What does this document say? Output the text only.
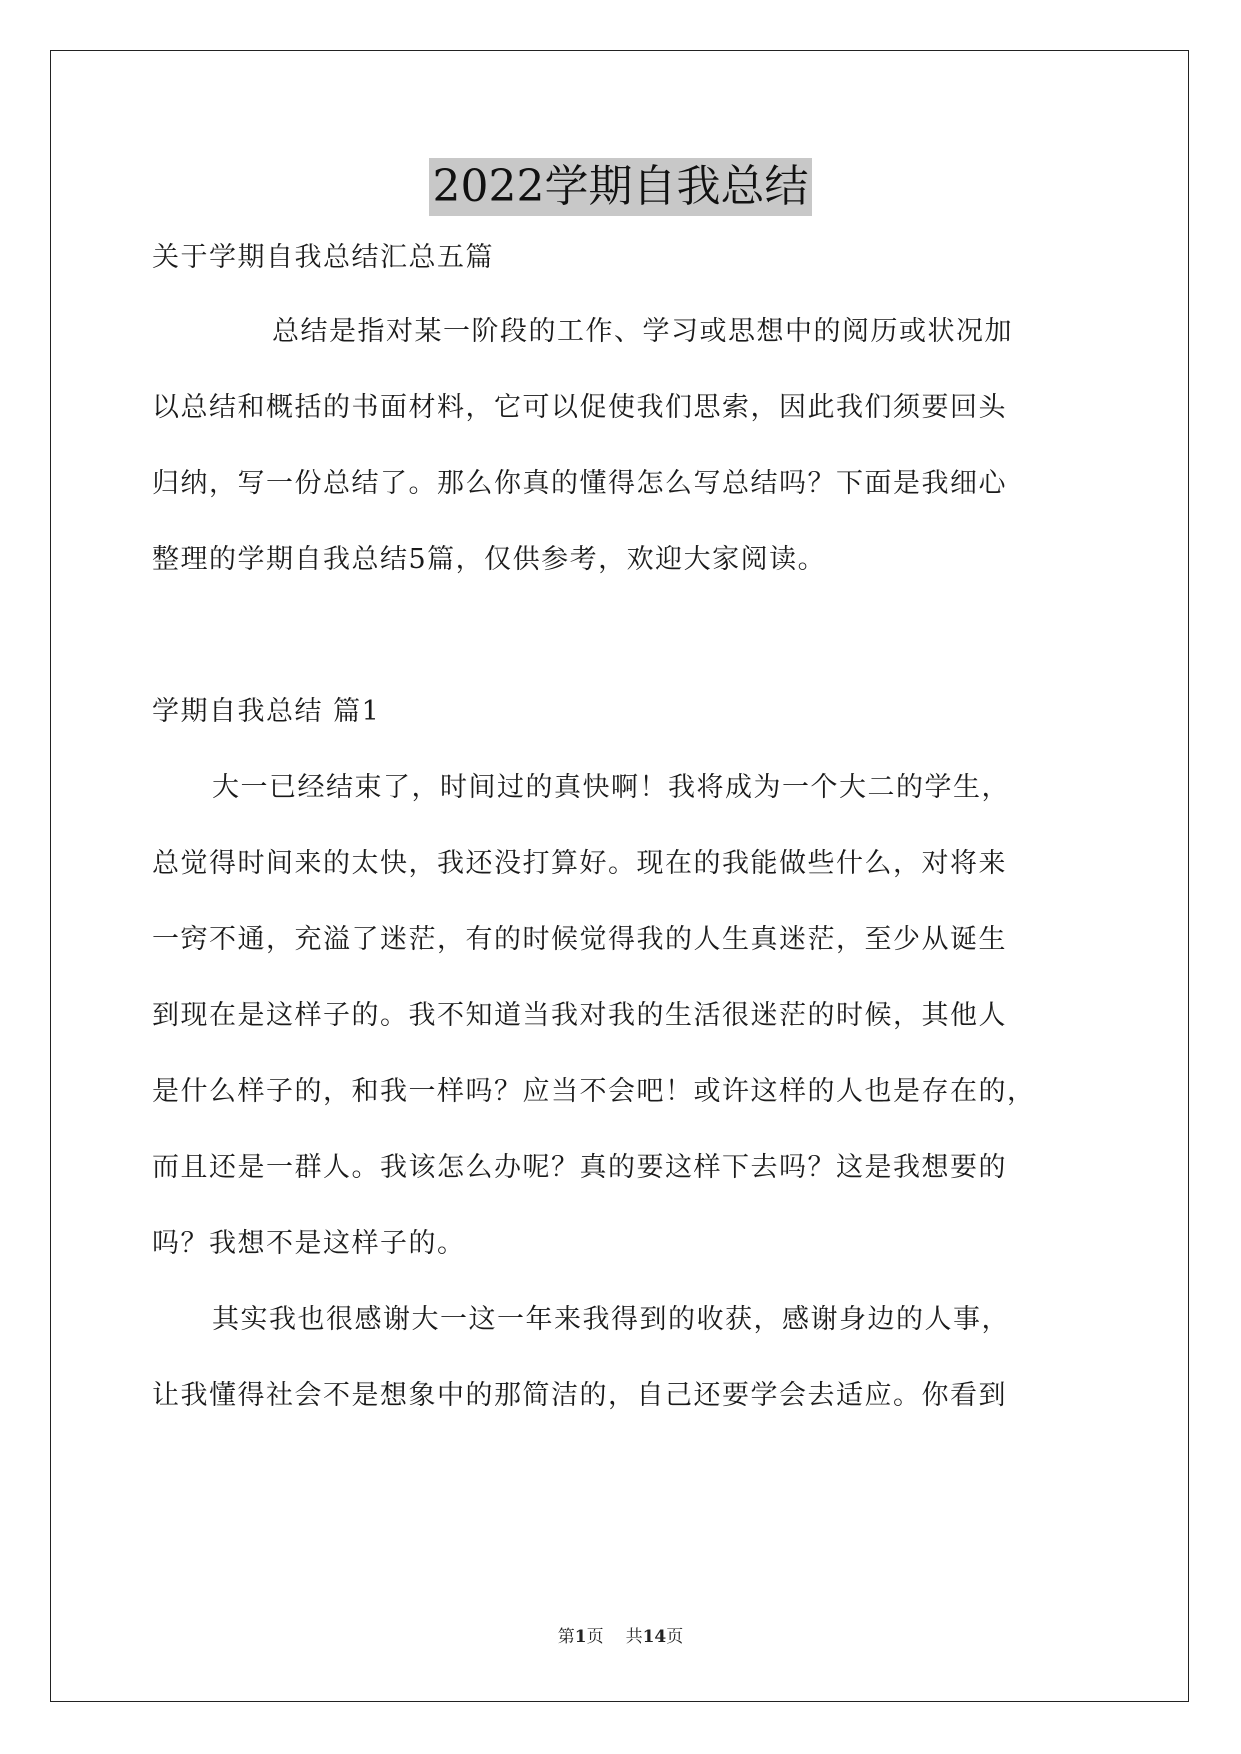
2022学期自我总结
关于学期自我总结汇总五篇
总结是指对某一阶段的工作、学习或思想中的阅历或状况加
以总结和概括的书面材料，它可以促使我们思索，因此我们须要回头
归纳，写一份总结了。那么你真的懂得怎么写总结吗？下面是我细心
整理的学期自我总结5篇，仅供参考，欢迎大家阅读。
学期自我总结 篇1
大一已经结束了，时间过的真快啊！我将成为一个大二的学生，
总觉得时间来的太快，我还没打算好。现在的我能做些什么，对将来
一窍不通，充溢了迷茫，有的时候觉得我的人生真迷茫，至少从诞生
到现在是这样子的。我不知道当我对我的生活很迷茫的时候，其他人
是什么样子的，和我一样吗？应当不会吧！或许这样的人也是存在的，
而且还是一群人。我该怎么办呢？真的要这样下去吗？这是我想要的
吗？我想不是这样子的。
其实我也很感谢大一这一年来我得到的收获，感谢身边的人事，
让我懂得社会不是想象中的那简洁的，自己还要学会去适应。你看到
第1页 共14页
